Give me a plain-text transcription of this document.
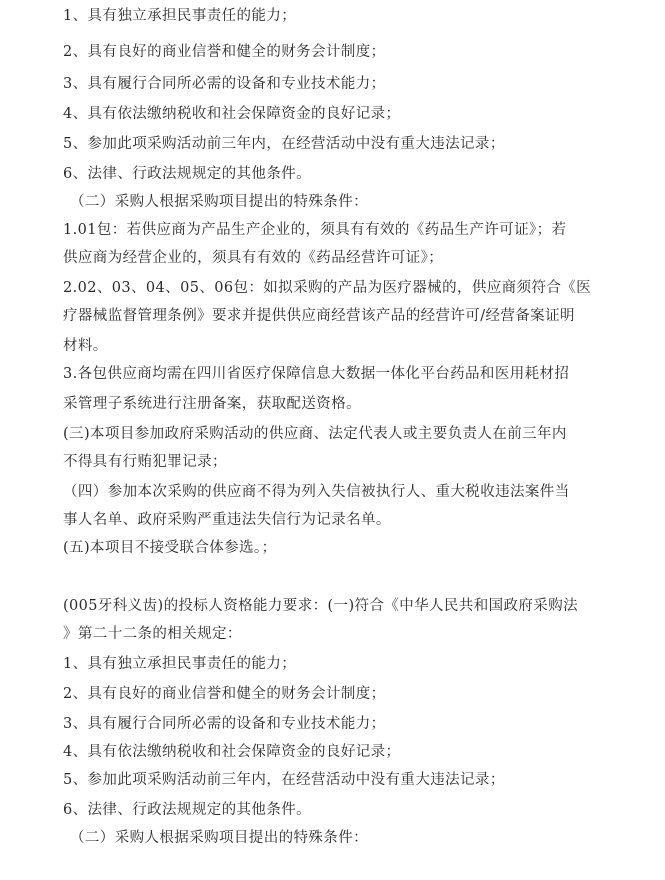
1、具有独立承担民事责任的能力；
2、具有良好的商业信誉和健全的财务会计制度；
3、具有履行合同所必需的设备和专业技术能力；
4、具有依法缴纳税收和社会保障资金的良好记录；
5、参加此项采购活动前三年内，在经营活动中没有重大违法记录；
6、法律、行政法规规定的其他条件。
（二）采购人根据采购项目提出的特殊条件：
1.01包：若供应商为产品生产企业的，须具有有效的《药品生产许可证》；若
供应商为经营企业的，须具有有效的《药品经营许可证》；
2.02、03、04、05、06包：如拟采购的产品为医疗器械的，供应商须符合《医
疗器械监督管理条例》要求并提供供应商经营该产品的经营许可/经营备案证明
材料。
3.各包供应商均需在四川省医疗保障信息大数据一体化平台药品和医用耗材招
采管理子系统进行注册备案，获取配送资格。
(三)本项目参加政府采购活动的供应商、法定代表人或主要负责人在前三年内
不得具有行贿犯罪记录；
（四）参加本次采购的供应商不得为列入失信被执行人、重大税收违法案件当
事人名单、政府采购严重违法失信行为记录名单。
(五)本项目不接受联合体参选。；
(005牙科义齿)的投标人资格能力要求：(一)符合《中华人民共和国政府采购法
》第二十二条的相关规定：
1、具有独立承担民事责任的能力；
2、具有良好的商业信誉和健全的财务会计制度；
3、具有履行合同所必需的设备和专业技术能力；
4、具有依法缴纳税收和社会保障资金的良好记录；
5、参加此项采购活动前三年内，在经营活动中没有重大违法记录；
6、法律、行政法规规定的其他条件。
（二）采购人根据采购项目提出的特殊条件：
